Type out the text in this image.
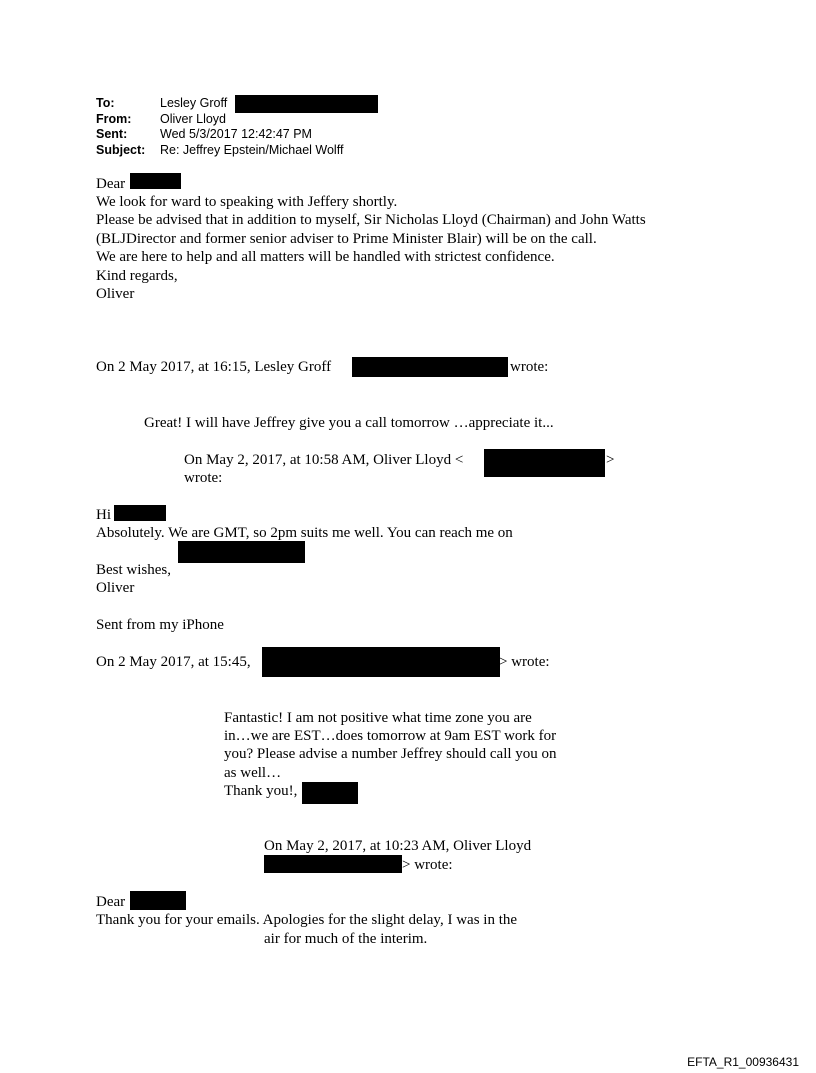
To:	Lesley Groff
From: Oliver Lloyd
Sent:	Wed 5/3/2017 12:42:47 PM
Subject: Re: Jeffrey Epstein/Michael Wolff
Dear
We look for ward to speaking with Jeffery shortly.
Please be advised that in addition to myself, Sir Nicholas Lloyd (Chairman) and John Watts
(BLJDirector and former senior adviser to Prime Minister Blair) will be on the call.
We are here to help and all matters will be handled with strictest confidence.
Kind regards,
Oliver
On 2 May 2017, at 16:15, Lesley Groff	wrote:
Great! I will have Jeffrey give you a call tomorrow …appreciate it...
On May 2, 2017, at 10:58 AM, Oliver Lloyd <	>
wrote:
Hi
Absolutely. We are GMT, so 2pm suits me well. You can reach me on
Best wishes,
Oliver
Sent from my iPhone
On 2 May 2017, at 15:45,	> wrote:
Fantastic! I am not positive what time zone you are
in…we are EST…does tomorrow at 9am EST work for
you? Please advise a number Jeffrey should call you on
as well…
Thank you!,
On May 2, 2017, at 10:23 AM, Oliver Lloyd
> wrote:
Dear
Thank you for your emails. Apologies for the slight delay, I was in the
air for much of the interim.
EFTA_R1_00936431
